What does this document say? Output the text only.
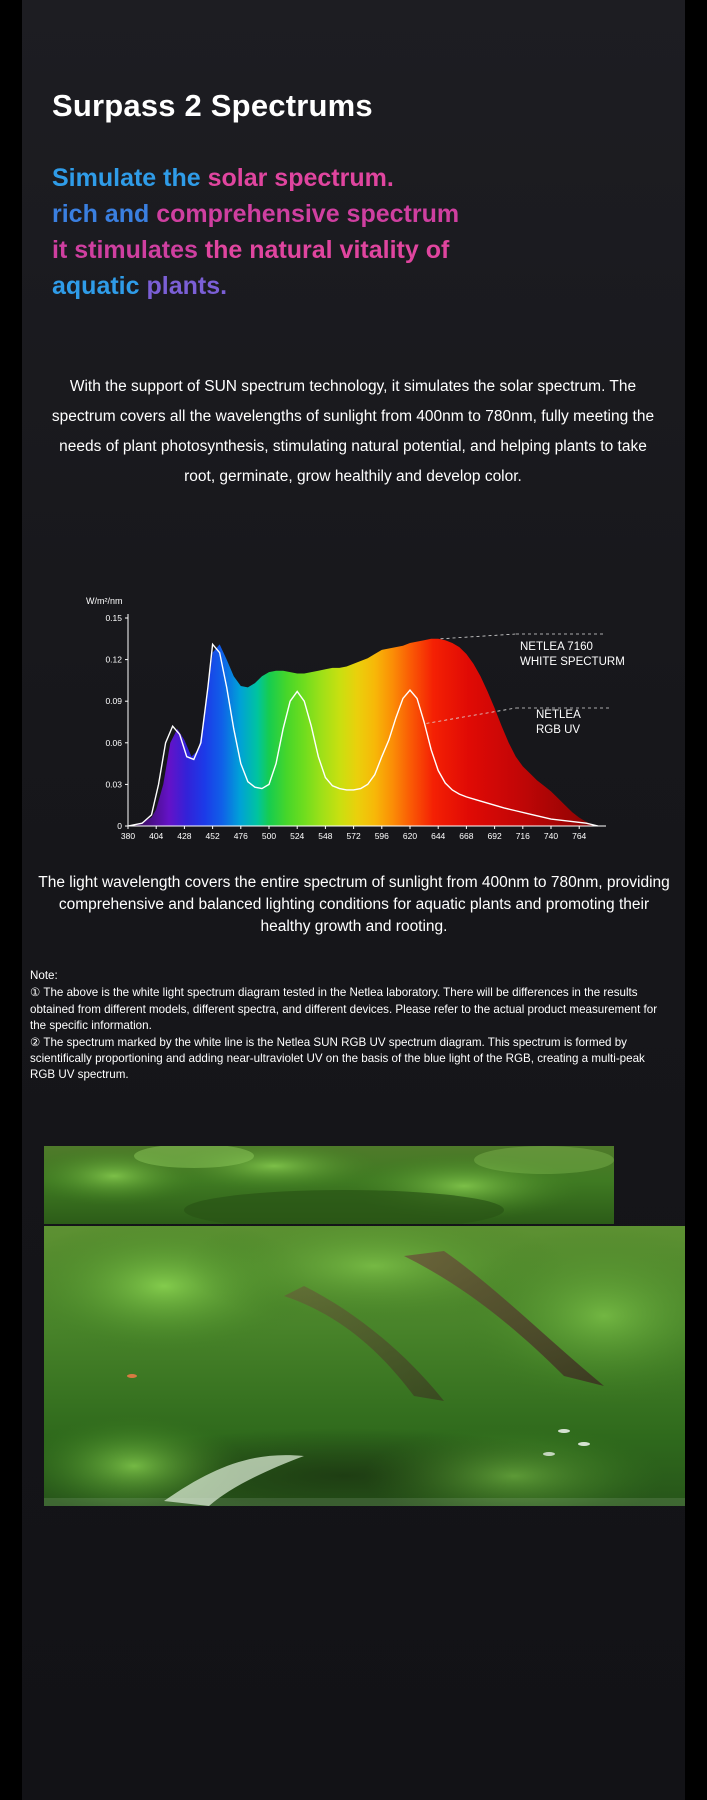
Surpass 2 Spectrums
Simulate the solar spectrum.
rich and comprehensive spectrum
it stimulates the natural vitality of
aquatic plants.
With the support of SUN spectrum technology, it simulates the solar spectrum. The spectrum covers all the wavelengths of sunlight from 400nm to 780nm, fully meeting the needs of plant photosynthesis, stimulating natural potential, and helping plants to take root, germinate, grow healthily and develop color.
W/m²/nm
0
0.03
0.06
0.09
0.12
0.15
380 404 428 452 476 500 524 548 572 596 620 644 668 692 716 740 764
NETLEA 7160
WHITE SPECTURM
NETLEA
RGB UV
The light wavelength covers the entire spectrum of sunlight from 400nm to 780nm, providing comprehensive and balanced lighting conditions for aquatic plants and promoting their healthy growth and rooting.
Note:
① The above is the white light spectrum diagram tested in the Netlea laboratory. There will be differences in the results obtained from different models, different spectra, and different devices. Please refer to the actual product measurement for the specific information.
② The spectrum marked by the white line is the Netlea SUN RGB UV spectrum diagram. This spectrum is formed by scientifically proportioning and adding near-ultraviolet UV on the basis of the blue light of the RGB, creating a multi-peak RGB UV spectrum.
